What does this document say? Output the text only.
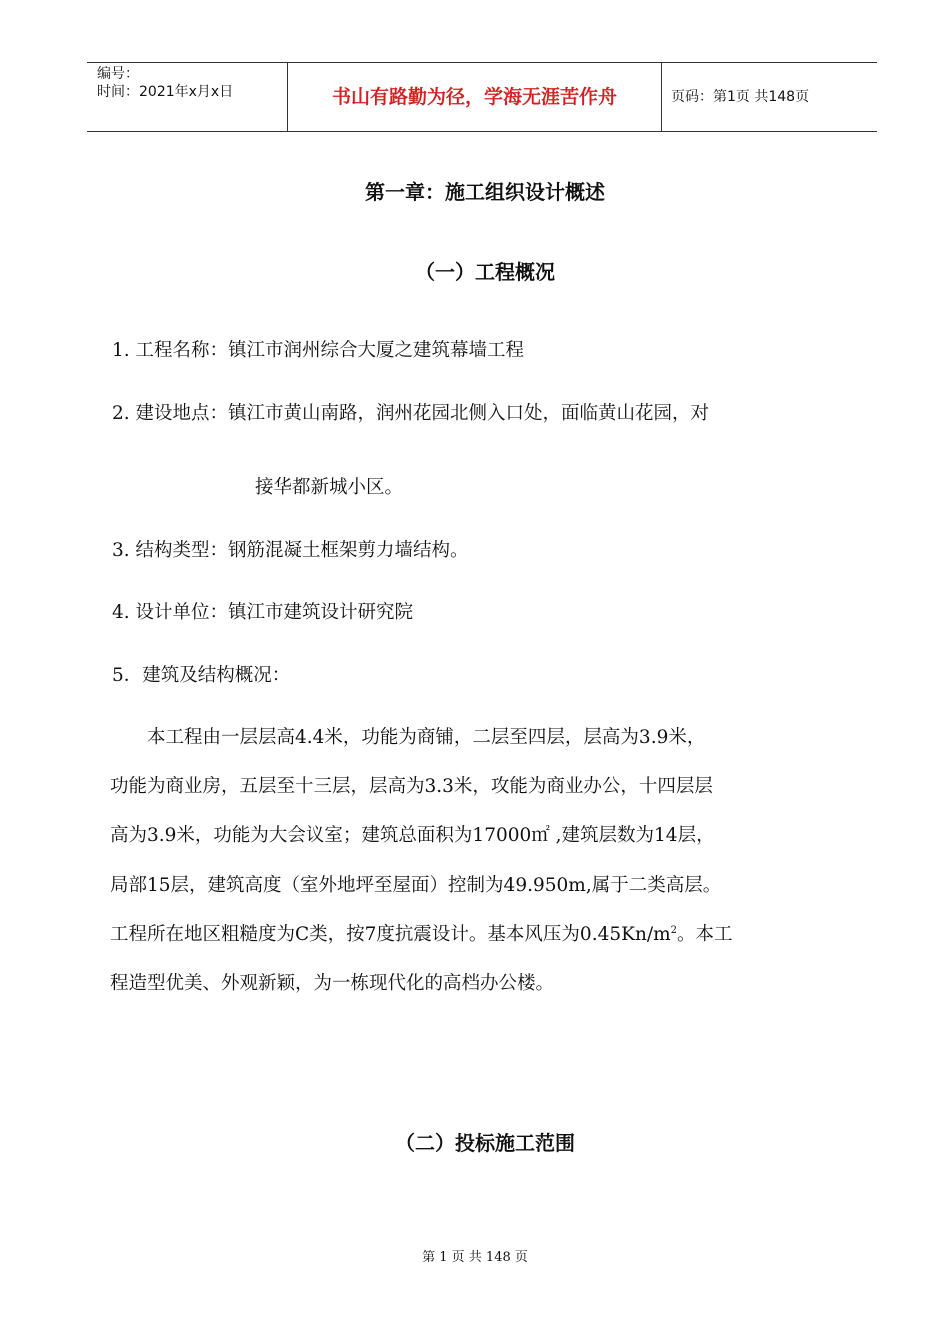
编号：
时间：2021年x月x日	书山有路勤为径，学海无涯苦作舟	页码：第1页 共148页
第一章：施工组织设计概述
（一）工程概况
1. 工程名称：镇江市润州综合大厦之建筑幕墙工程
2. 建设地点：镇江市黄山南路，润州花园北侧入口处，面临黄山花园，对
接华都新城小区。
3. 结构类型：钢筋混凝土框架剪力墙结构。
4. 设计单位：镇江市建筑设计研究院
5．建筑及结构概况：
　　本工程由一层层高4.4米，功能为商铺，二层至四层，层高为3.9米，
功能为商业房，五层至十三层，层高为3.3米，攻能为商业办公，十四层层
高为3.9米，功能为大会议室；建筑总面积为17000㎡ ,建筑层数为14层，
局部15层，建筑高度（室外地坪至屋面）控制为49.950m,属于二类高层。
工程所在地区粗糙度为C类，按7度抗震设计。基本风压为$0.45Kn/m^2$。本工
程造型优美、外观新颖，为一栋现代化的高档办公楼。
（二）投标施工范围
第 1 页 共 148 页
